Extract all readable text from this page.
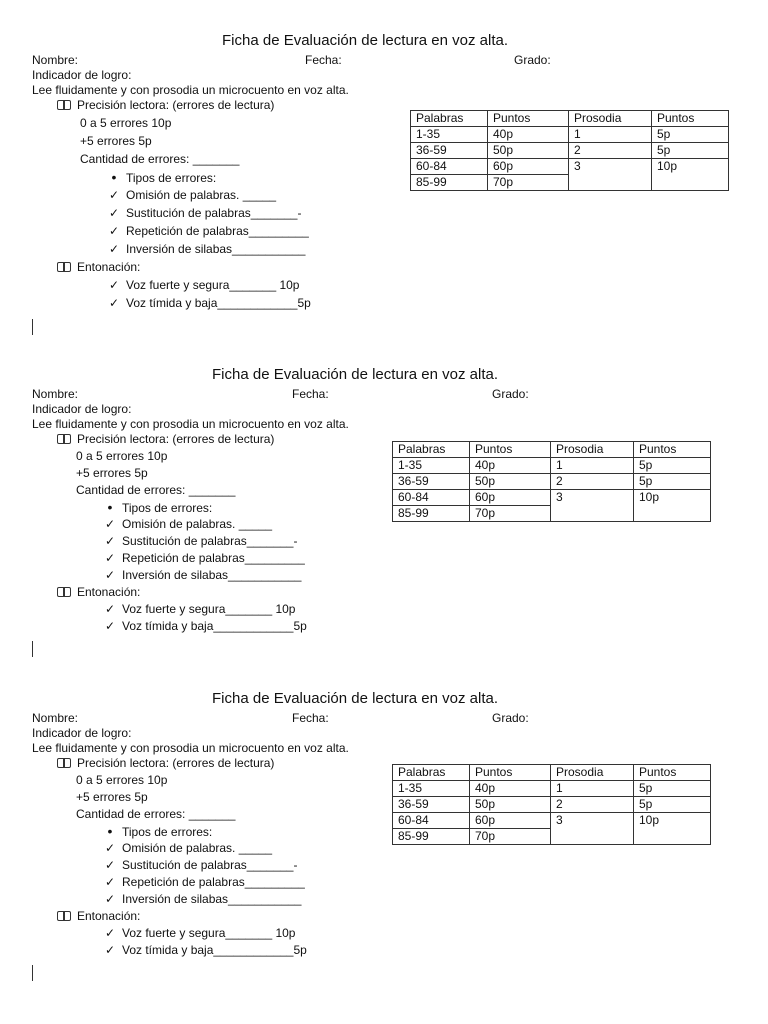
Ficha de Evaluación de lectura en voz alta.
Nombre:	Fecha:	Grado:
Indicador de logro:
Lee fluidamente y con prosodia un microcuento en voz alta.
Precisión lectora: (errores de lectura)
0 a 5 errores 10p
+5 errores 5p
Cantidad de errores: _______
• Tipos de errores:
✓ Omisión de palabras. _____
✓ Sustitución de palabras_______-
✓ Repetición de palabras_________
✓ Inversión de silabas___________
Entonación:
✓ Voz fuerte y segura_______ 10p
✓ Voz tímida y baja____________5p
Palabras	Puntos	Prosodia	Puntos
1-35	40p	1	5p
36-59	50p	2	5p
60-84	60p	3	10p
85-99	70p		
Ficha de Evaluación de lectura en voz alta.
Nombre:	Fecha:	Grado:
Indicador de logro:
Lee fluidamente y con prosodia un microcuento en voz alta.
Precisión lectora: (errores de lectura)
0 a 5 errores 10p
+5 errores 5p
Cantidad de errores: _______
• Tipos de errores:
✓ Omisión de palabras. _____
✓ Sustitución de palabras_______-
✓ Repetición de palabras_________
✓ Inversión de silabas___________
Entonación:
✓ Voz fuerte y segura_______ 10p
✓ Voz tímida y baja____________5p
Palabras	Puntos	Prosodia	Puntos
1-35	40p	1	5p
36-59	50p	2	5p
60-84	60p	3	10p
85-99	70p		
Ficha de Evaluación de lectura en voz alta.
Nombre:	Fecha:	Grado:
Indicador de logro:
Lee fluidamente y con prosodia un microcuento en voz alta.
Precisión lectora: (errores de lectura)
0 a 5 errores 10p
+5 errores 5p
Cantidad de errores: _______
• Tipos de errores:
✓ Omisión de palabras. _____
✓ Sustitución de palabras_______-
✓ Repetición de palabras_________
✓ Inversión de silabas___________
Entonación:
✓ Voz fuerte y segura_______ 10p
✓ Voz tímida y baja____________5p
Palabras	Puntos	Prosodia	Puntos
1-35	40p	1	5p
36-59	50p	2	5p
60-84	60p	3	10p
85-99	70p		
